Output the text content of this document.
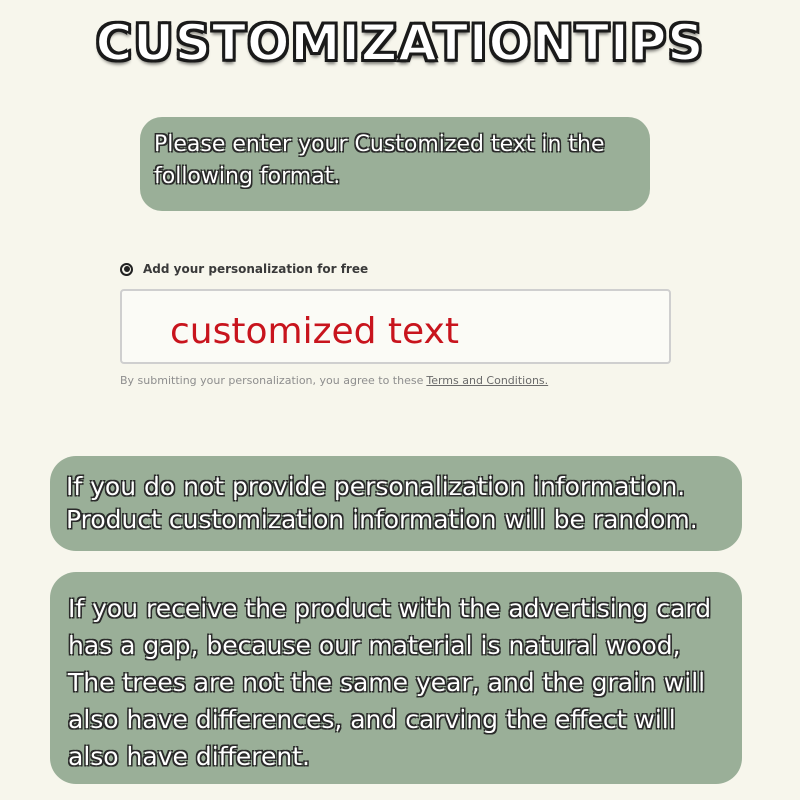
CUSTOMIZATIONTIPS
Please enter your Customized text in the following format.
Add your personalization for free
customized text
By submitting your personalization, you agree to these Terms and Conditions.
If you do not provide personalization information. Product customization information will be random.
If you receive the product with the advertising card has a gap, because our material is natural wood, The trees are not the same year, and the grain will also have differences, and carving the effect will also have different.
